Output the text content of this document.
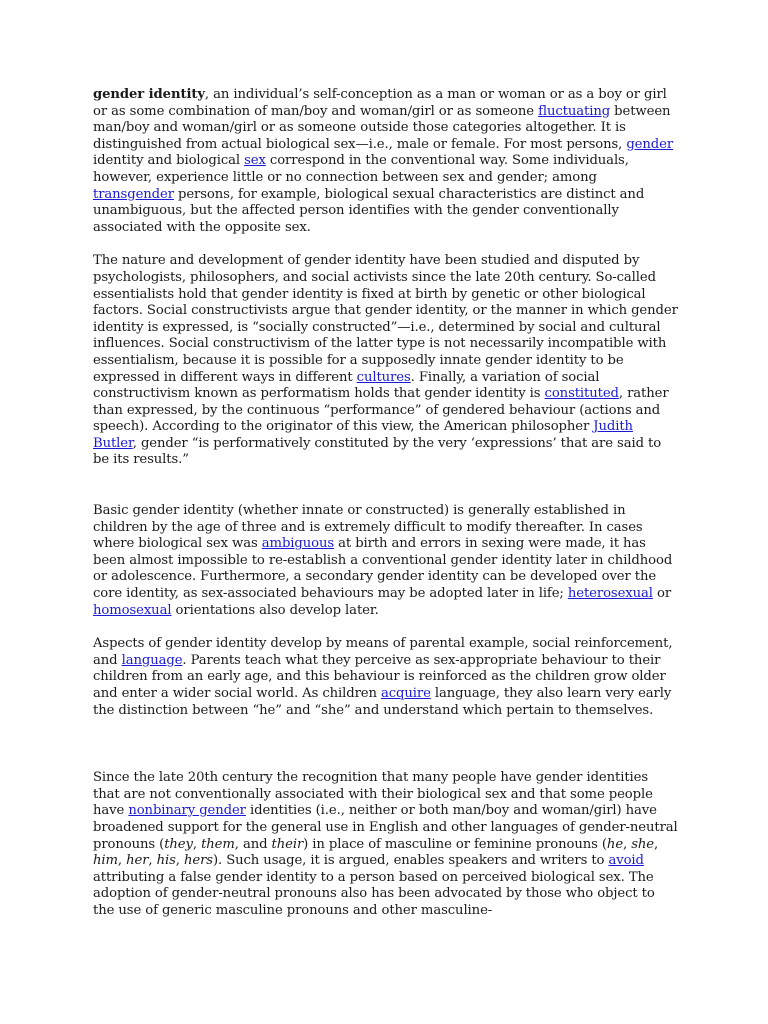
gender identity, an individual’s self-conception as a man or woman or as a boy or girl or as some combination of man/boy and woman/girl or as someone fluctuating between man/boy and woman/girl or as someone outside those categories altogether. It is distinguished from actual biological sex—i.e., male or female. For most persons, gender identity and biological sex correspond in the conventional way. Some individuals, however, experience little or no connection between sex and gender; among transgender persons, for example, biological sexual characteristics are distinct and unambiguous, but the affected person identifies with the gender conventionally associated with the opposite sex.

The nature and development of gender identity have been studied and disputed by psychologists, philosophers, and social activists since the late 20th century. So-called essentialists hold that gender identity is fixed at birth by genetic or other biological factors. Social constructivists argue that gender identity, or the manner in which gender identity is expressed, is “socially constructed”—i.e., determined by social and cultural influences. Social constructivism of the latter type is not necessarily incompatible with essentialism, because it is possible for a supposedly innate gender identity to be expressed in different ways in different cultures. Finally, a variation of social constructivism known as performatism holds that gender identity is constituted, rather than expressed, by the continuous “performance” of gendered behaviour (actions and speech). According to the originator of this view, the American philosopher Judith Butler, gender “is performatively constituted by the very ‘expressions’ that are said to be its results.”

Basic gender identity (whether innate or constructed) is generally established in children by the age of three and is extremely difficult to modify thereafter. In cases where biological sex was ambiguous at birth and errors in sexing were made, it has been almost impossible to re-establish a conventional gender identity later in childhood or adolescence. Furthermore, a secondary gender identity can be developed over the core identity, as sex-associated behaviours may be adopted later in life; heterosexual or homosexual orientations also develop later.

Aspects of gender identity develop by means of parental example, social reinforcement, and language. Parents teach what they perceive as sex-appropriate behaviour to their children from an early age, and this behaviour is reinforced as the children grow older and enter a wider social world. As children acquire language, they also learn very early the distinction between “he” and “she” and understand which pertain to themselves.

Since the late 20th century the recognition that many people have gender identities that are not conventionally associated with their biological sex and that some people have nonbinary gender identities (i.e., neither or both man/boy and woman/girl) have broadened support for the general use in English and other languages of gender-neutral pronouns (they, them, and their) in place of masculine or feminine pronouns (he, she, him, her, his, hers). Such usage, it is argued, enables speakers and writers to avoid attributing a false gender identity to a person based on perceived biological sex. The adoption of gender-neutral pronouns also has been advocated by those who object to the use of generic masculine pronouns and other masculine-
